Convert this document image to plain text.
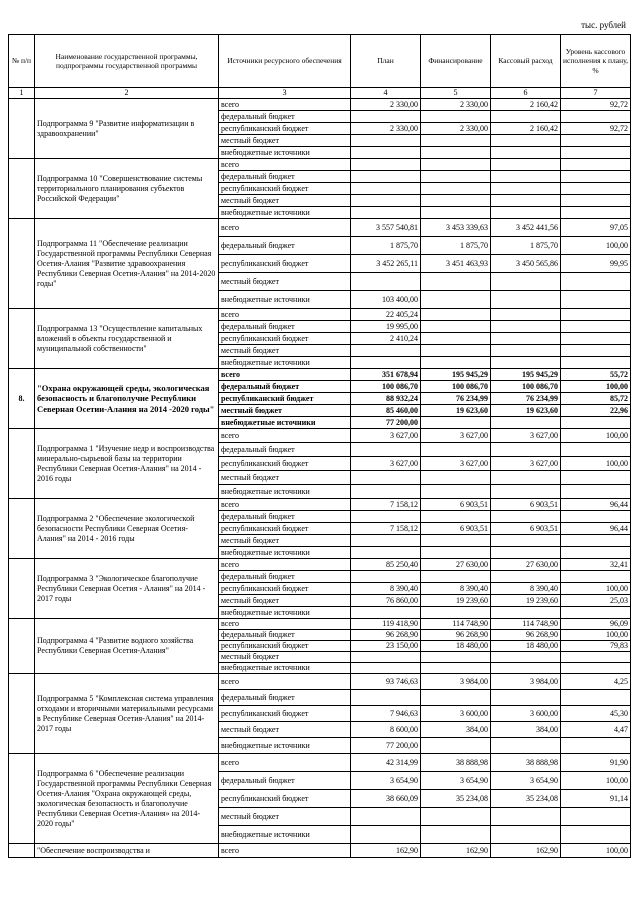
тыс. рублей
№ п/п	Наименование государственной программы, подпрограммы государственной программы	Источники ресурсного обеспечения	План	Финансирование	Кассовый расход	Уровень кассового исполнения к плану, %
1	2	3	4	5	6	7
	Подпрограмма 9 "Развитие информатизации в здравоохранении"	всего	2 330,00	2 330,00	2 160,42	92,72
		федеральный бюджет				
		республиканский бюджет	2 330,00	2 330,00	2 160,42	92,72
		местный бюджет				
		внебюджетные источники				
	Подпрограмма 10 "Совершенствование системы территориального планирования субъектов Российской Федерации"	всего				
		федеральный бюджет				
		республиканский бюджет				
		местный бюджет				
		внебюджетные источники				
	Подпрограмма 11 "Обеспечение реализации Государственной программы Республики Северная Осетия-Алания "Развитие здравоохранения Республики Северная Осетия-Алания" на 2014-2020 годы"	всего	3 557 540,81	3 453 339,63	3 452 441,56	97,05
		федеральный бюджет	1 875,70	1 875,70	1 875,70	100,00
		республиканский бюджет	3 452 265,11	3 451 463,93	3 450 565,86	99,95
		местный бюджет				
		внебюджетные источники	103 400,00			
	Подпрограмма 13 "Осуществление капитальных вложений в объекты государственной и муниципальной собственности"	всего	22 405,24			
		федеральный бюджет	19 995,00			
		республиканский бюджет	2 410,24			
		местный бюджет				
		внебюджетные источники				
8.	"Охрана окружающей среды, экологическая безопасность и благополучие Республики Северная Осетии-Алания на 2014 -2020 годы"	всего	351 678,94	195 945,29	195 945,29	55,72
		федеральный бюджет	100 086,70	100 086,70	100 086,70	100,00
		республиканский бюджет	88 932,24	76 234,99	76 234,99	85,72
		местный бюджет	85 460,00	19 623,60	19 623,60	22,96
		внебюджетные источники	77 200,00			
	Подпрограмма 1 "Изучение недр и воспроизводства минерально-сырьевой базы на территории Республики Северная Осетия-Алания" на 2014 - 2016 годы	всего	3 627,00	3 627,00	3 627,00	100,00
		федеральный бюджет				
		республиканский бюджет	3 627,00	3 627,00	3 627,00	100,00
		местный бюджет				
		внебюджетные источники				
	Подпрограмма 2 "Обеспечение экологической безопасности Республики Северная Осетия-Алания" на 2014 - 2016 годы	всего	7 158,12	6 903,51	6 903,51	96,44
		федеральный бюджет				
		республиканский бюджет	7 158,12	6 903,51	6 903,51	96,44
		местный бюджет				
		внебюджетные источники				
	Подпрограмма 3 "Экологическое благополучие Республики Северная Осетия - Алания" на 2014 - 2017 годы	всего	85 250,40	27 630,00	27 630,00	32,41
		федеральный бюджет				
		республиканский бюджет	8 390,40	8 390,40	8 390,40	100,00
		местный бюджет	76 860,00	19 239,60	19 239,60	25,03
		внебюджетные источники				
	Подпрограмма 4 "Развитие водного хозяйства Республики Северная Осетия-Алания"	всего	119 418,90	114 748,90	114 748,90	96,09
		федеральный бюджет	96 268,90	96 268,90	96 268,90	100,00
		республиканский бюджет	23 150,00	18 480,00	18 480,00	79,83
		местный бюджет				
		внебюджетные источники				
	Подпрограмма 5 "Комплексная система управления отходами и вторичными материальными ресурсами в Республике Северная Осетия-Алания" на 2014-2017 годы	всего	93 746,63	3 984,00	3 984,00	4,25
		федеральный бюджет				
		республиканский бюджет	7 946,63	3 600,00	3 600,00	45,30
		местный бюджет	8 600,00	384,00	384,00	4,47
		внебюджетные источники	77 200,00			
	Подпрограмма 6 "Обеспечение реализации Государственной программы Республики Северная Осетия-Алания "Охрана окружающей среды, экологическая безопасность и благополучие Республики Северная Осетия-Алания» на 2014-2020 годы"	всего	42 314,99	38 888,98	38 888,98	91,90
		федеральный бюджет	3 654,90	3 654,90	3 654,90	100,00
		республиканский бюджет	38 660,09	35 234,08	35 234,08	91,14
		местный бюджет				
		внебюджетные источники				
	"Обеспечение воспроизводства и	всего	162,90	162,90	162,90	100,00
